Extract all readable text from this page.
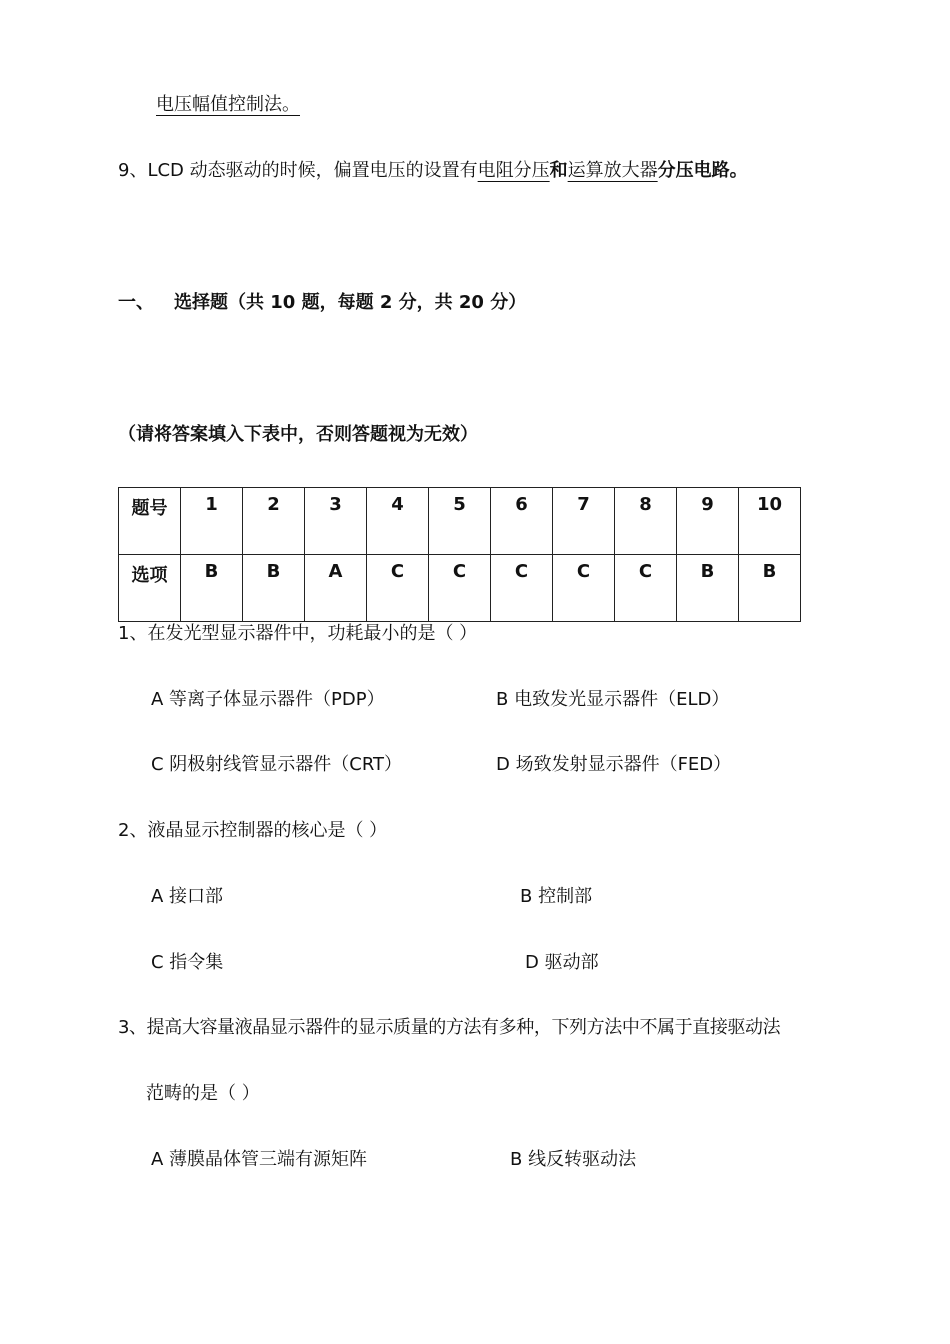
电压幅值控制法。
9、LCD 动态驱动的时候，偏置电压的设置有电阻分压和运算放大器分压电路。
一、 选择题（共 10 题，每题 2 分，共 20 分）
（请将答案填入下表中，否则答题视为无效）
题号	1	2	3	4	5	6	7	8	9	10

选项	B	B	A	C	C	C	C	C	B	B
1、在发光型显示器件中，功耗最小的是（ ）
A 等离子体显示器件（PDP）	B 电致发光显示器件（ELD）
C 阴极射线管显示器件（CRT）	D 场致发射显示器件（FED）
2、液晶显示控制器的核心是（ ）
A 接口部	B 控制部
C 指令集	D 驱动部
3、提高大容量液晶显示器件的显示质量的方法有多种，下列方法中不属于直接驱动法
范畴的是（ ）
A 薄膜晶体管三端有源矩阵	B 线反转驱动法
